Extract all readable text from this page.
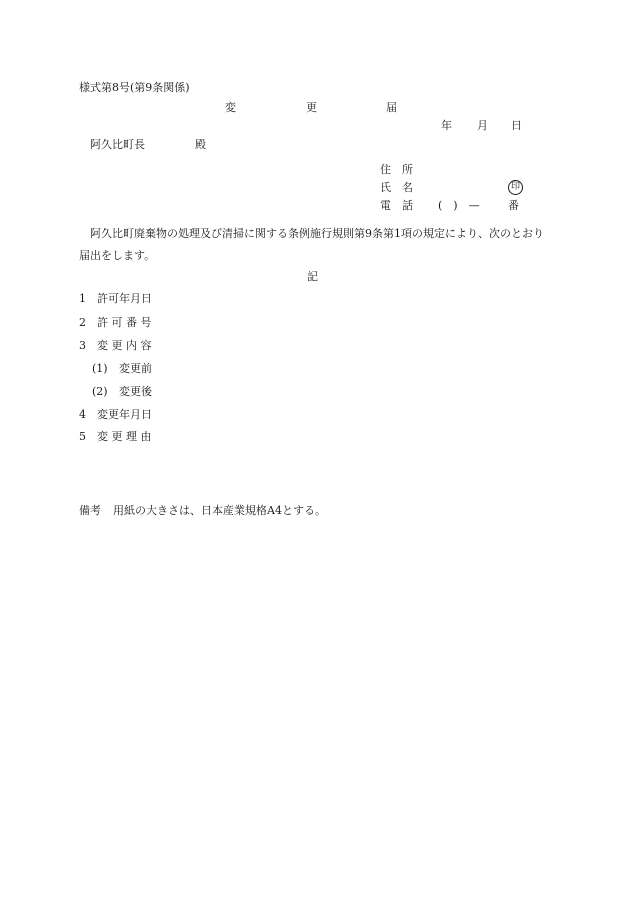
様式第8号(第9条関係)
変	更	届
年 月 日
阿久比町長	殿
住　所
氏　名	印
電　話 (　)　—	番
阿久比町廃棄物の処理及び清掃に関する条例施行規則第9条第1項の規定により、次のとおり届出をします。
記
1 許可年月日
2 許 可 番 号
3 変 更 内 容
(1) 変更前
(2) 変更後
4 変更年月日
5 変 更 理 由
備考 用紙の大きさは、日本産業規格A4とする。
